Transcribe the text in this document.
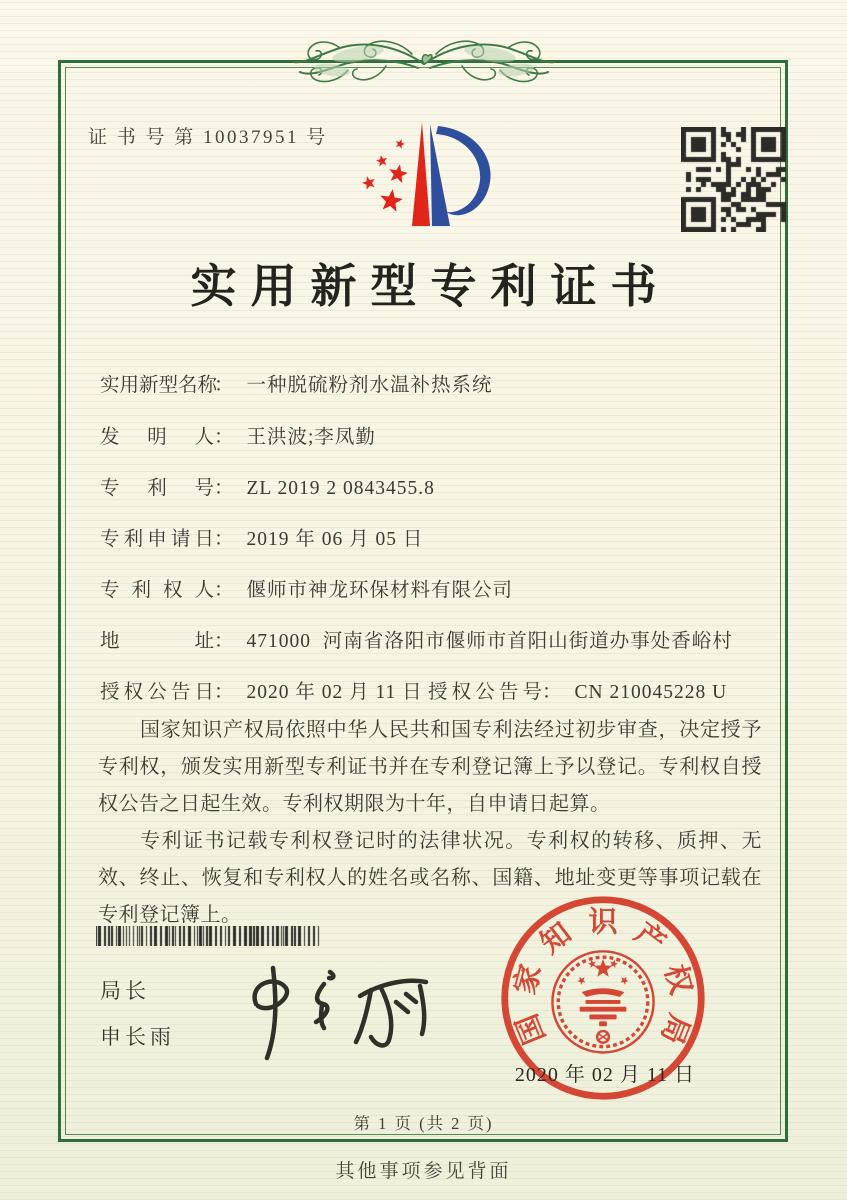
证 书 号 第 10037951 号
实用新型专利证书
实用新型名称： 一种脱硫粉剂水温补热系统
发明人： 王洪波;李凤勤
专利号： ZL 2019 2 0843455.8
专利申请日： 2019 年 06 月 05 日
专利权人： 偃师市神龙环保材料有限公司
地址： 471000  河南省洛阳市偃师市首阳山街道办事处香峪村
授权公告日： 2020 年 02 月 11 日 授权公告号： CN 210045228 U

国家知识产权局依照中华人民共和国专利法经过初步审查，决定授予专利权，颁发实用新型专利证书并在专利登记簿上予以登记。专利权自授权公告之日起生效。专利权期限为十年，自申请日起算。

专利证书记载专利权登记时的法律状况。专利权的转移、质押、无效、终止、恢复和专利权人的姓名或名称、国籍、地址变更等事项记载在专利登记簿上。

局长
申长雨	国
家
知 识 产
权
局
2020 年 02 月 11 日
第 1 页 (共 2 页)
其他事项参见背面
